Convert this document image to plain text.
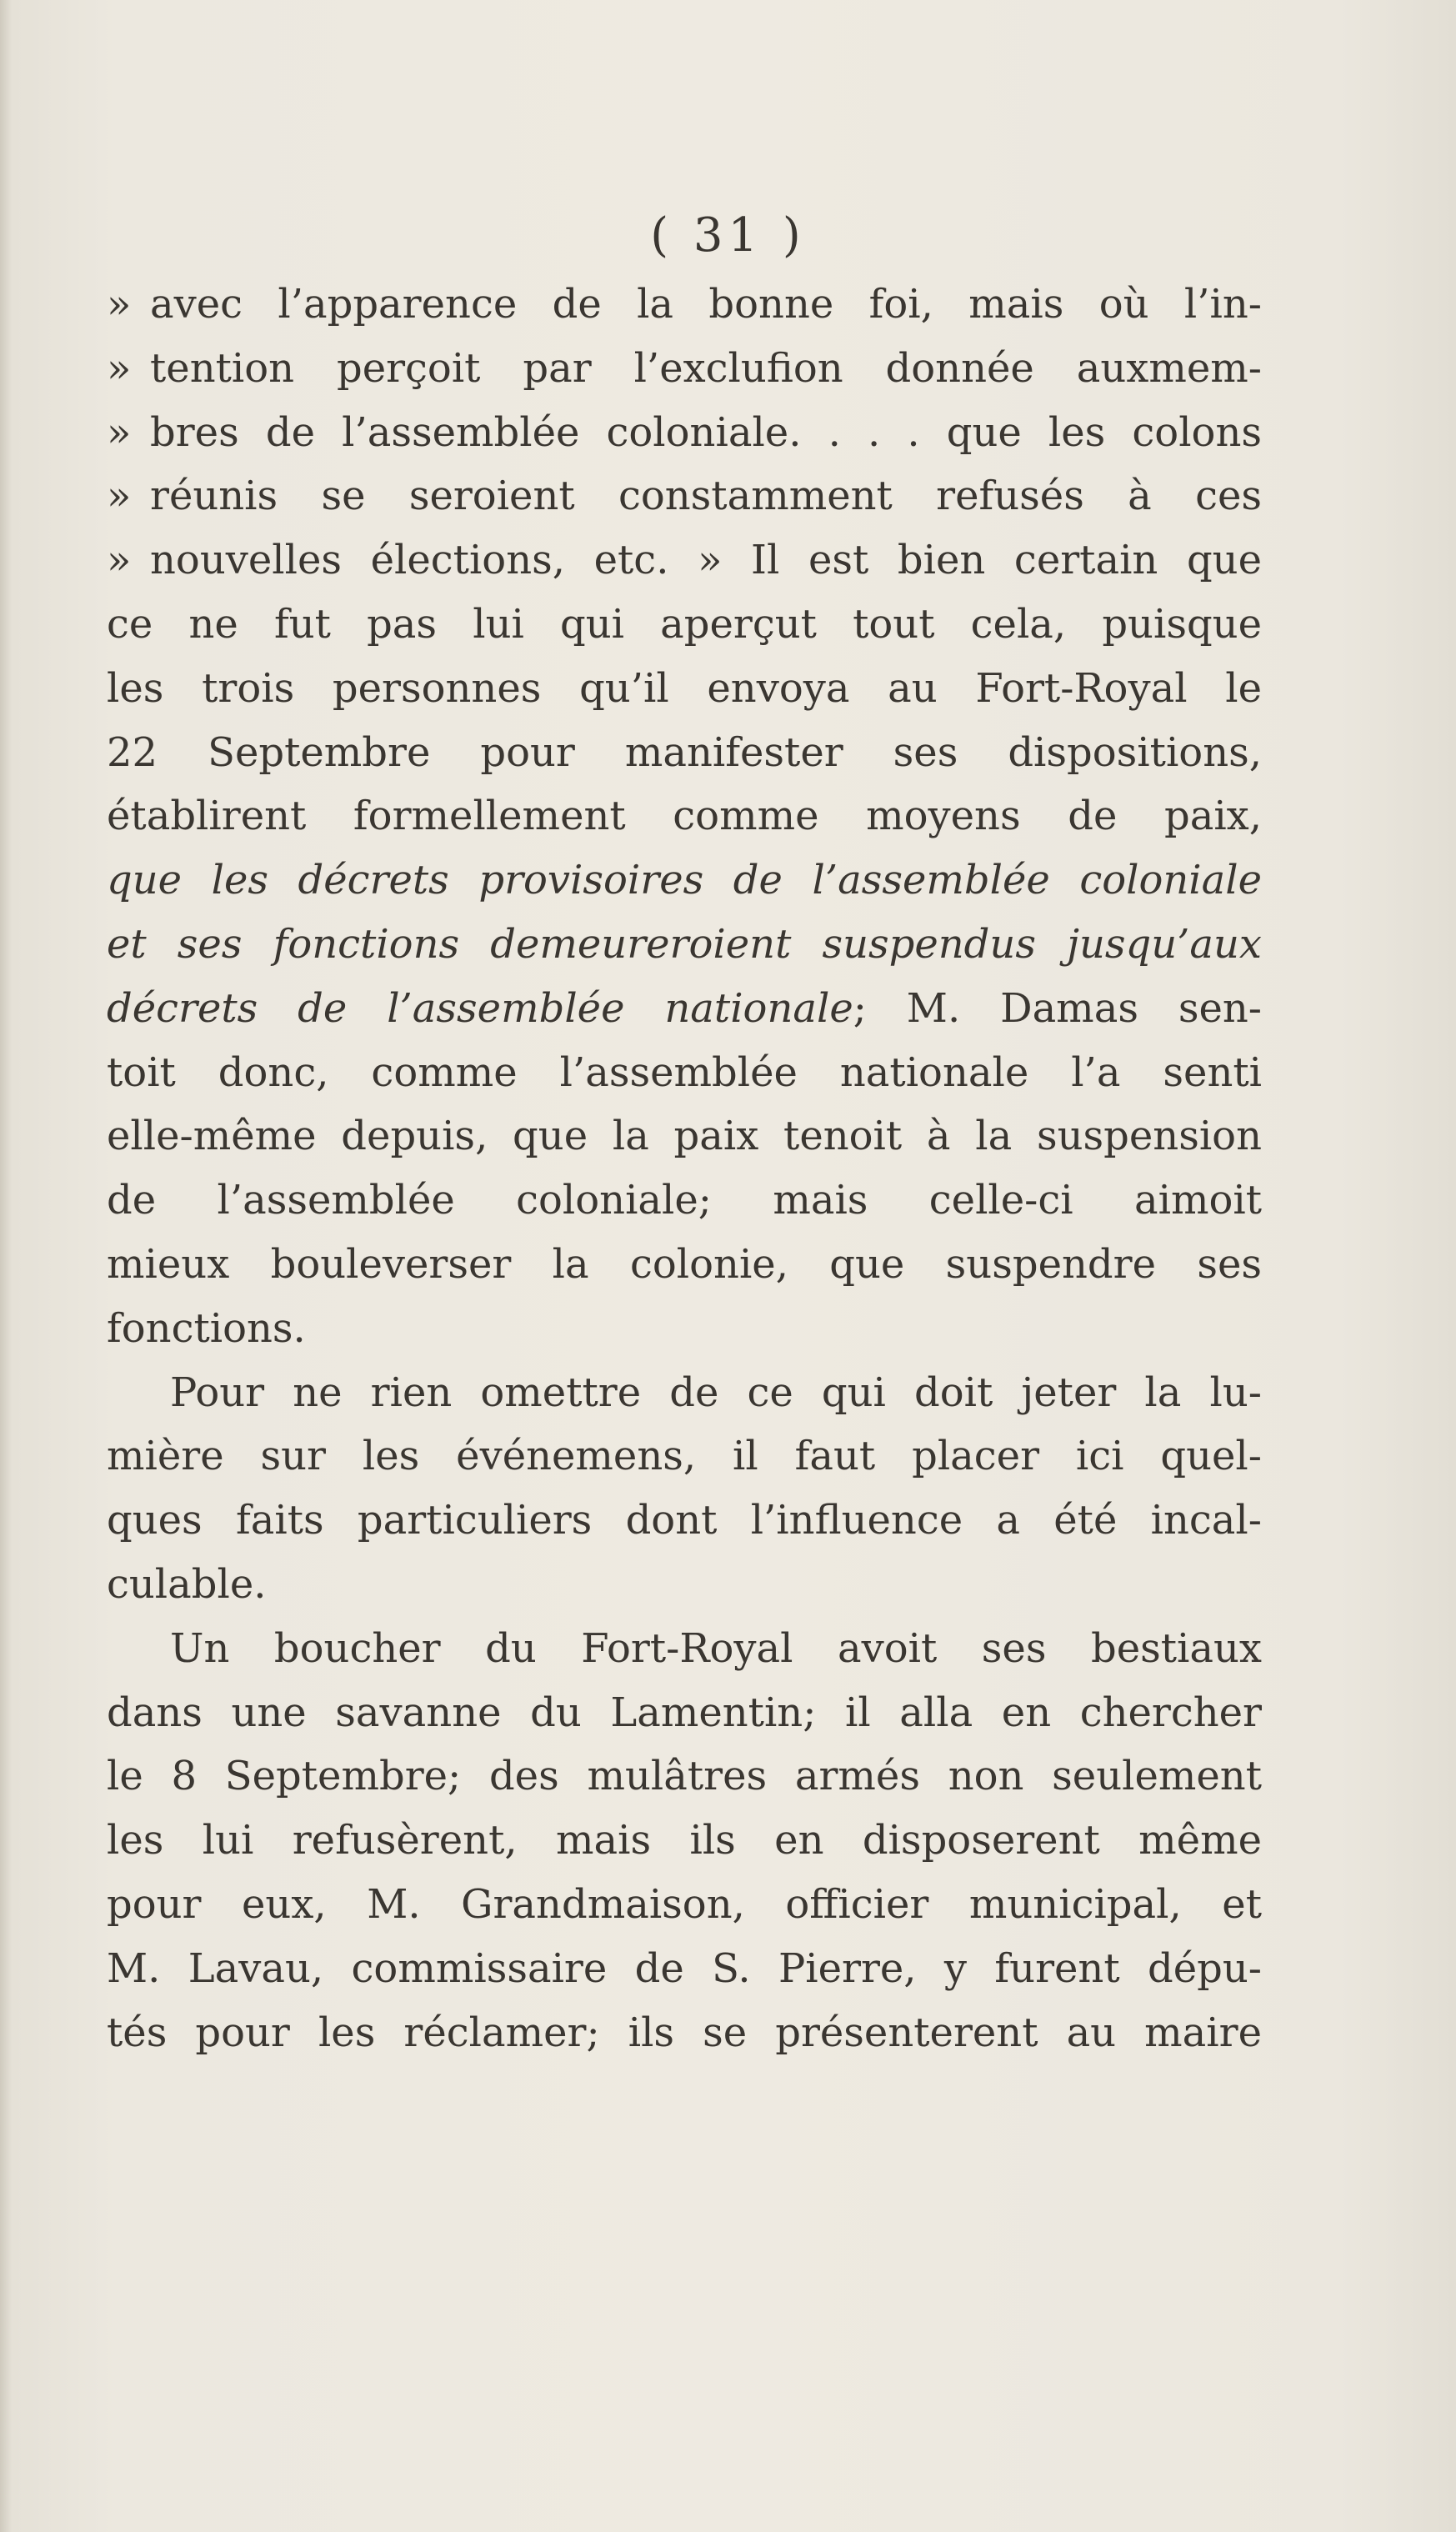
( 31 )
» avec l’apparence de la bonne foi, mais où l’in-
» tention perçoit par l’exclufion donnée auxmem-
» bres de l’assemblée coloniale. . . . que les colons
» réunis se seroient constamment refusés à ces
» nouvelles élections, etc. » Il est bien certain que
ce ne fut pas lui qui aperçut tout cela, puisque
les trois personnes qu’il envoya au Fort-Royal le
22 Septembre pour manifester ses dispositions,
établirent formellement comme moyens de paix,
que les décrets provisoires de l’assemblée coloniale
et ses fonctions demeureroient suspendus jusqu’aux
décrets de l’assemblée nationale; M. Damas sen-
toit donc, comme l’assemblée nationale l’a senti
elle-même depuis, que la paix tenoit à la suspension
de l’assemblée coloniale; mais celle-ci aimoit
mieux bouleverser la colonie, que suspendre ses
fonctions.
Pour ne rien omettre de ce qui doit jeter la lu-
mière sur les événemens, il faut placer ici quel-
ques faits particuliers dont l’influence a été incal-
culable.
Un boucher du Fort-Royal avoit ses bestiaux
dans une savanne du Lamentin; il alla en chercher
le 8 Septembre; des mulâtres armés non seulement
les lui refusèrent, mais ils en disposerent même
pour eux, M. Grandmaison, officier municipal, et
M. Lavau, commissaire de S. Pierre, y furent dépu-
tés pour les réclamer; ils se présenterent au maire
